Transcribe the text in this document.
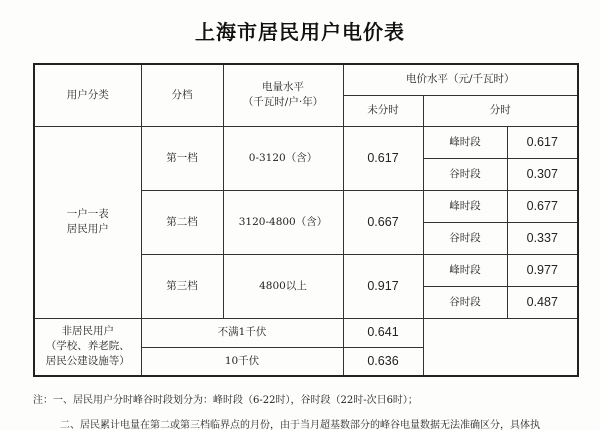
上海市居民用户电价表
用户分类	分档	电量水平
（千瓦时/户·年）	电价水平（元/千瓦时）		
			未分时	分时	

一户一表
居民用户	第一档	0-3120（含）	0.617	峰时段	0.617
				谷时段	0.307
	第二档	3120-4800（含）	0.667	峰时段	0.677
				谷时段	0.337
	第三档	4800以上	0.917	峰时段	0.977
				谷时段	0.487

非居民用户
（学校、养老院、
居民公建设施等）	不满1千伏		0.641		
	10千伏		0.636		
注：一、居民用户分时峰谷时段划分为：峰时段（6-22时），谷时段（22时-次日6时）；
二、居民累计电量在第二或第三档临界点的月份，由于当月超基数部分的峰谷电量数据无法准确区分，具体执
